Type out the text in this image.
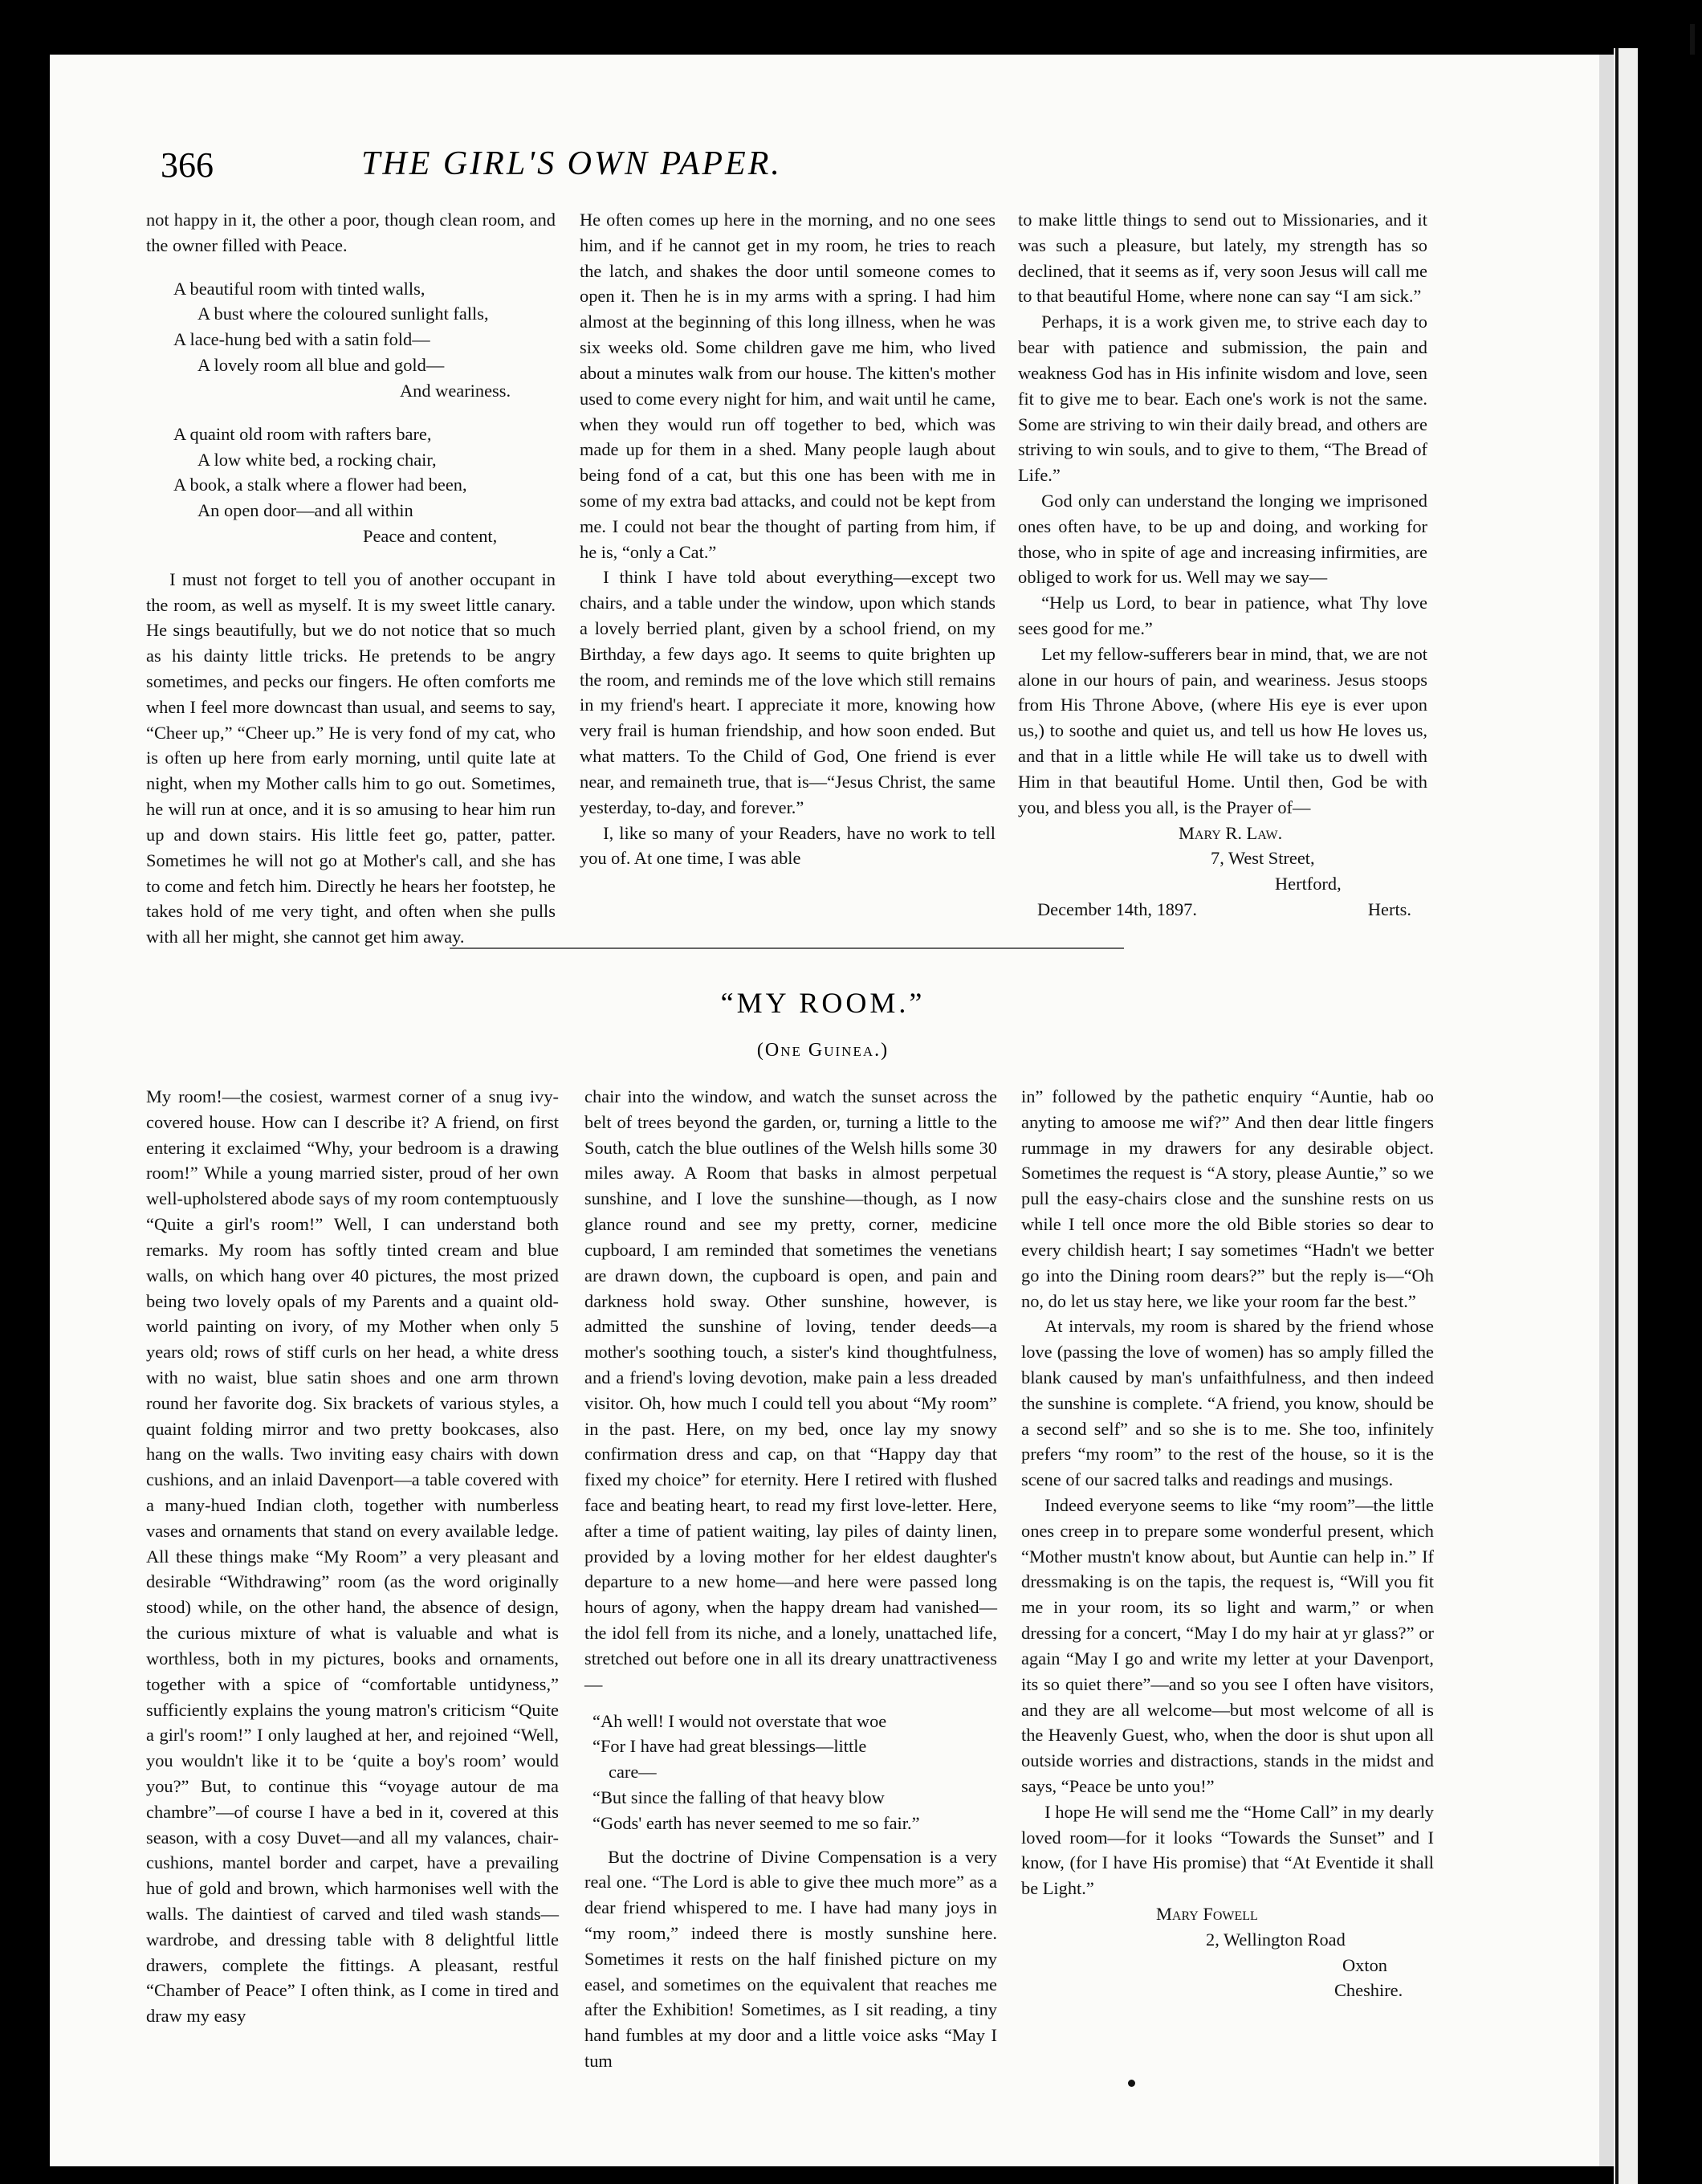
366	THE GIRL'S OWN PAPER.

not happy in it, the other a poor, though clean room, and the owner filled with Peace.

A beautiful room with tinted walls,
A bust where the coloured sunlight falls,
A lace-hung bed with a satin fold—
A lovely room all blue and gold—
And weariness.
A quaint old room with rafters bare,
A low white bed, a rocking chair,
A book, a stalk where a flower had been,
An open door—and all within
Peace and content,

I must not forget to tell you of another occupant in the room, as well as myself. It is my sweet little canary. He sings beautifully, but we do not notice that so much as his dainty little tricks. He pretends to be angry sometimes, and pecks our fingers. He often comforts me when I feel more downcast than usual, and seems to say, “Cheer up,” “Cheer up.” He is very fond of my cat, who is often up here from early morning, until quite late at night, when my Mother calls him to go out. Sometimes, he will run at once, and it is so amusing to hear him run up and down stairs. His little feet go, patter, patter. Sometimes he will not go at Mother's call, and she has to come and fetch him. Directly he hears her footstep, he takes hold of me very tight, and often when she pulls with all her might, she cannot get him away.

He often comes up here in the morning, and no one sees him, and if he cannot get in my room, he tries to reach the latch, and shakes the door until someone comes to open it. Then he is in my arms with a spring. I had him almost at the beginning of this long illness, when he was six weeks old. Some children gave me him, who lived about a minutes walk from our house. The kitten's mother used to come every night for him, and wait until he came, when they would run off together to bed, which was made up for them in a shed. Many people laugh about being fond of a cat, but this one has been with me in some of my extra bad attacks, and could not be kept from me. I could not bear the thought of parting from him, if he is, “only a Cat.”

I think I have told about everything—except two chairs, and a table under the window, upon which stands a lovely berried plant, given by a school friend, on my Birthday, a few days ago. It seems to quite brighten up the room, and reminds me of the love which still remains in my friend's heart. I appreciate it more, knowing how very frail is human friendship, and how soon ended. But what matters. To the Child of God, One friend is ever near, and remaineth true, that is—“Jesus Christ, the same yesterday, to-day, and forever.”

I, like so many of your Readers, have no work to tell you of. At one time, I was able

to make little things to send out to Missionaries, and it was such a pleasure, but lately, my strength has so declined, that it seems as if, very soon Jesus will call me to that beautiful Home, where none can say “I am sick.”

Perhaps, it is a work given me, to strive each day to bear with patience and submission, the pain and weakness God has in His infinite wisdom and love, seen fit to give me to bear. Each one's work is not the same. Some are striving to win their daily bread, and others are striving to win souls, and to give to them, “The Bread of Life.”

God only can understand the longing we imprisoned ones often have, to be up and doing, and working for those, who in spite of age and increasing infirmities, are obliged to work for us. Well may we say—

“Help us Lord, to bear in patience, what Thy love sees good for me.”

Let my fellow-sufferers bear in mind, that, we are not alone in our hours of pain, and weariness. Jesus stoops from His Throne Above, (where His eye is ever upon us,) to soothe and quiet us, and tell us how He loves us, and that in a little while He will take us to dwell with Him in that beautiful Home. Until then, God be with you, and bless you all, is the Prayer of—

Mary R. Law.
7, West Street,
Hertford,
December 14th, 1897.	Herts.
“MY ROOM.”
(One Guinea.)

My room!—the cosiest, warmest corner of a snug ivy-covered house. How can I describe it? A friend, on first entering it exclaimed “Why, your bedroom is a drawing room!” While a young married sister, proud of her own well-upholstered abode says of my room contemptuously “Quite a girl's room!” Well, I can understand both remarks. My room has softly tinted cream and blue walls, on which hang over 40 pictures, the most prized being two lovely opals of my Parents and a quaint old-world painting on ivory, of my Mother when only 5 years old; rows of stiff curls on her head, a white dress with no waist, blue satin shoes and one arm thrown round her favorite dog. Six brackets of various styles, a quaint folding mirror and two pretty bookcases, also hang on the walls. Two inviting easy chairs with down cushions, and an inlaid Davenport—a table covered with a many-hued Indian cloth, together with numberless vases and ornaments that stand on every available ledge. All these things make “My Room” a very pleasant and desirable “Withdrawing” room (as the word originally stood) while, on the other hand, the absence of design, the curious mixture of what is valuable and what is worthless, both in my pictures, books and ornaments, together with a spice of “comfortable untidyness,” sufficiently explains the young matron's criticism “Quite a girl's room!” I only laughed at her, and rejoined “Well, you wouldn't like it to be ‘quite a boy's room’ would you?” But, to continue this “voyage autour de ma chambre”—of course I have a bed in it, covered at this season, with a cosy Duvet—and all my valances, chair-cushions, mantel border and carpet, have a prevailing hue of gold and brown, which harmonises well with the walls. The daintiest of carved and tiled wash stands—wardrobe, and dressing table with 8 delightful little drawers, complete the fittings. A pleasant, restful “Chamber of Peace” I often think, as I come in tired and draw my easy

chair into the window, and watch the sunset across the belt of trees beyond the garden, or, turning a little to the South, catch the blue outlines of the Welsh hills some 30 miles away. A Room that basks in almost perpetual sunshine, and I love the sunshine—though, as I now glance round and see my pretty, corner, medicine cupboard, I am reminded that sometimes the venetians are drawn down, the cupboard is open, and pain and darkness hold sway. Other sunshine, however, is admitted the sunshine of loving, tender deeds—a mother's soothing touch, a sister's kind thoughtfulness, and a friend's loving devotion, make pain a less dreaded visitor. Oh, how much I could tell you about “My room” in the past. Here, on my bed, once lay my snowy confirmation dress and cap, on that “Happy day that fixed my choice” for eternity. Here I retired with flushed face and beating heart, to read my first love-letter. Here, after a time of patient waiting, lay piles of dainty linen, provided by a loving mother for her eldest daughter's departure to a new home—and here were passed long hours of agony, when the happy dream had vanished—the idol fell from its niche, and a lonely, unattached life, stretched out before one in all its dreary unattractiveness—

“Ah well! I would not overstate that woe
“For I have had great blessings—little
care—
“But since the falling of that heavy blow
“Gods' earth has never seemed to me so fair.”

But the doctrine of Divine Compensation is a very real one. “The Lord is able to give thee much more” as a dear friend whispered to me. I have had many joys in “my room,” indeed there is mostly sunshine here. Sometimes it rests on the half finished picture on my easel, and sometimes on the equivalent that reaches me after the Exhibition! Sometimes, as I sit reading, a tiny hand fumbles at my door and a little voice asks “May I tum

in” followed by the pathetic enquiry “Auntie, hab oo anyting to amoose me wif?” And then dear little fingers rummage in my drawers for any desirable object. Sometimes the request is “A story, please Auntie,” so we pull the easy-chairs close and the sunshine rests on us while I tell once more the old Bible stories so dear to every childish heart; I say sometimes “Hadn't we better go into the Dining room dears?” but the reply is—“Oh no, do let us stay here, we like your room far the best.”

At intervals, my room is shared by the friend whose love (passing the love of women) has so amply filled the blank caused by man's unfaithfulness, and then indeed the sunshine is complete. “A friend, you know, should be a second self” and so she is to me. She too, infinitely prefers “my room” to the rest of the house, so it is the scene of our sacred talks and readings and musings.

Indeed everyone seems to like “my room”—the little ones creep in to prepare some wonderful present, which “Mother mustn't know about, but Auntie can help in.” If dressmaking is on the tapis, the request is, “Will you fit me in your room, its so light and warm,” or when dressing for a concert, “May I do my hair at yr glass?” or again “May I go and write my letter at your Davenport, its so quiet there”—and so you see I often have visitors, and they are all welcome—but most welcome of all is the Heavenly Guest, who, when the door is shut upon all outside worries and distractions, stands in the midst and says, “Peace be unto you!”

I hope He will send me the “Home Call” in my dearly loved room—for it looks “Towards the Sunset” and I know, (for I have His promise) that “At Eventide it shall be Light.”

Mary Fowell
2, Wellington Road
Oxton
Cheshire.
